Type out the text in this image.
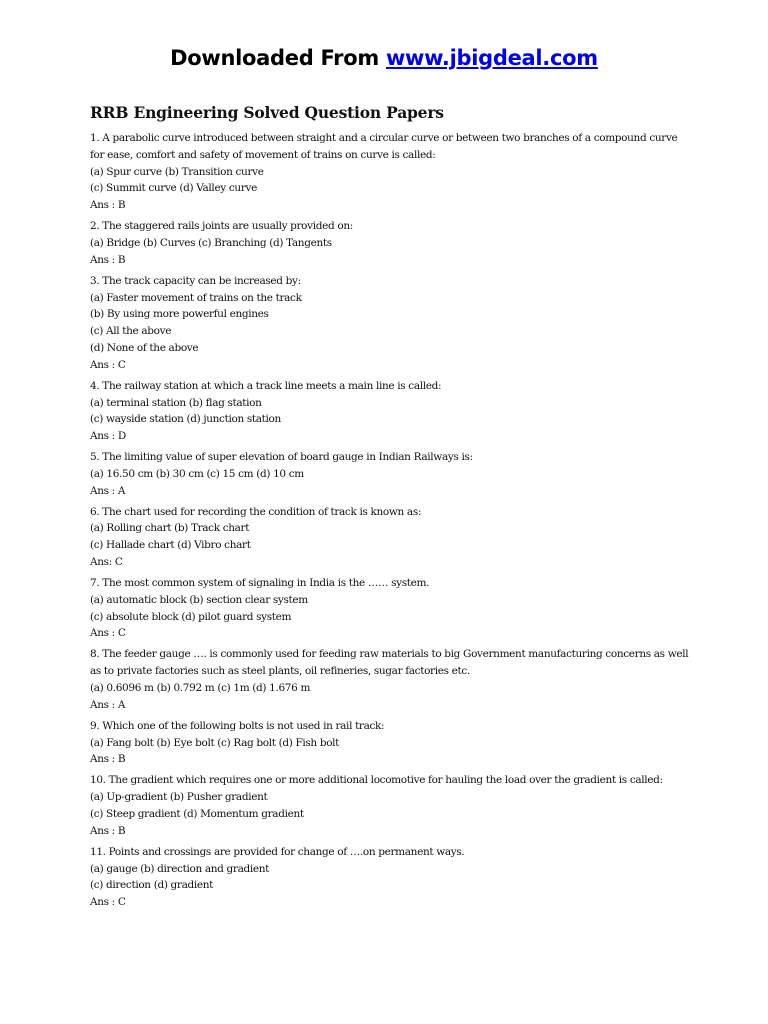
Downloaded From www.jbigdeal.com
RRB Engineering Solved Question Papers
1. A parabolic curve introduced between straight and a circular curve or between two branches of a compound curve for ease, comfort and safety of movement of trains on curve is called:
(a) Spur curve (b) Transition curve
(c) Summit curve (d) Valley curve
Ans : B
2. The staggered rails joints are usually provided on:
(a) Bridge (b) Curves (c) Branching (d) Tangents
Ans : B
3. The track capacity can be increased by:
(a) Faster movement of trains on the track
(b) By using more powerful engines
(c) All the above
(d) None of the above
Ans : C
4. The railway station at which a track line meets a main line is called:
(a) terminal station (b) flag station
(c) wayside station (d) junction station
Ans : D
5. The limiting value of super elevation of board gauge in Indian Railways is:
(a) 16.50 cm (b) 30 cm (c) 15 cm (d) 10 cm
Ans : A
6. The chart used for recording the condition of track is known as:
(a) Rolling chart (b) Track chart
(c) Hallade chart (d) Vibro chart
Ans: C
7. The most common system of signaling in India is the …… system.
(a) automatic block (b) section clear system
(c) absolute block (d) pilot guard system
Ans : C
8. The feeder gauge …. is commonly used for feeding raw materials to big Government manufacturing concerns as well as to private factories such as steel plants, oil refineries, sugar factories etc.
(a) 0.6096 m (b) 0.792 m (c) 1m (d) 1.676 m
Ans : A
9. Which one of the following bolts is not used in rail track:
(a) Fang bolt (b) Eye bolt (c) Rag bolt (d) Fish bolt
Ans : B
10. The gradient which requires one or more additional locomotive for hauling the load over the gradient is called:
(a) Up-gradient (b) Pusher gradient
(c) Steep gradient (d) Momentum gradient
Ans : B
11. Points and crossings are provided for change of ….on permanent ways.
(a) gauge (b) direction and gradient
(c) direction (d) gradient
Ans : C
